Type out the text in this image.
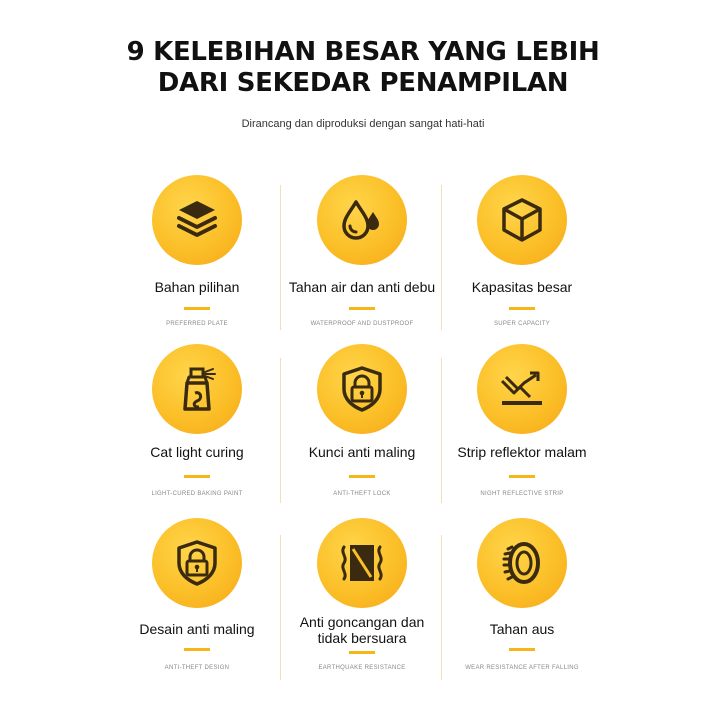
9 KELEBIHAN BESAR YANG LEBIH
DARI SEKEDAR PENAMPILAN
Dirancang dan diproduksi dengan sangat hati-hati
Bahan pilihan
PREFERRED PLATE
Tahan air dan anti debu
WATERPROOF AND DUSTPROOF
Kapasitas besar
SUPER CAPACITY
Cat light curing
LIGHT-CURED BAKING PAINT
Kunci anti maling
ANTI-THEFT LOCK
Strip reflektor malam
NIGHT REFLECTIVE STRIP
Desain anti maling
ANTI-THEFT DESIGN
Anti goncangan dan tidak bersuara
EARTHQUAKE RESISTANCE
Tahan aus
WEAR RESISTANCE AFTER FALLING
